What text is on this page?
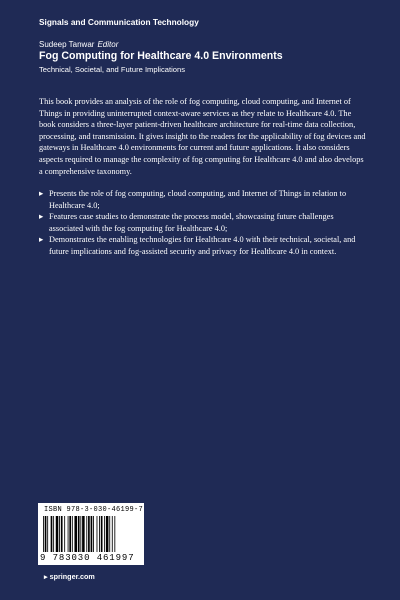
Signals and Communication Technology
Sudeep Tanwar Editor
Fog Computing for Healthcare 4.0 Environments
Technical, Societal, and Future Implications

This book provides an analysis of the role of fog computing, cloud computing, and Internet of Things in providing uninterrupted context-aware services as they relate to Healthcare 4.0. The book considers a three-layer patient-driven healthcare architecture for real-time data collection, processing, and transmission. It gives insight to the readers for the applicability of fog devices and gateways in Healthcare 4.0 environments for current and future applications. It also considers aspects required to manage the complexity of fog computing for Healthcare 4.0 and also develops a comprehensive taxonomy.

▸ Presents the role of fog computing, cloud computing, and Internet of Things in relation to Healthcare 4.0;
▸ Features case studies to demonstrate the process model, showcasing future challenges associated with the fog computing for Healthcare 4.0;
▸ Demonstrates the enabling technologies for Healthcare 4.0 with their technical, societal, and future implications and fog-assisted security and privacy for Healthcare 4.0 in context.
ISBN 978-3-030-46199-7
9 783030 461997
▸ springer.com
